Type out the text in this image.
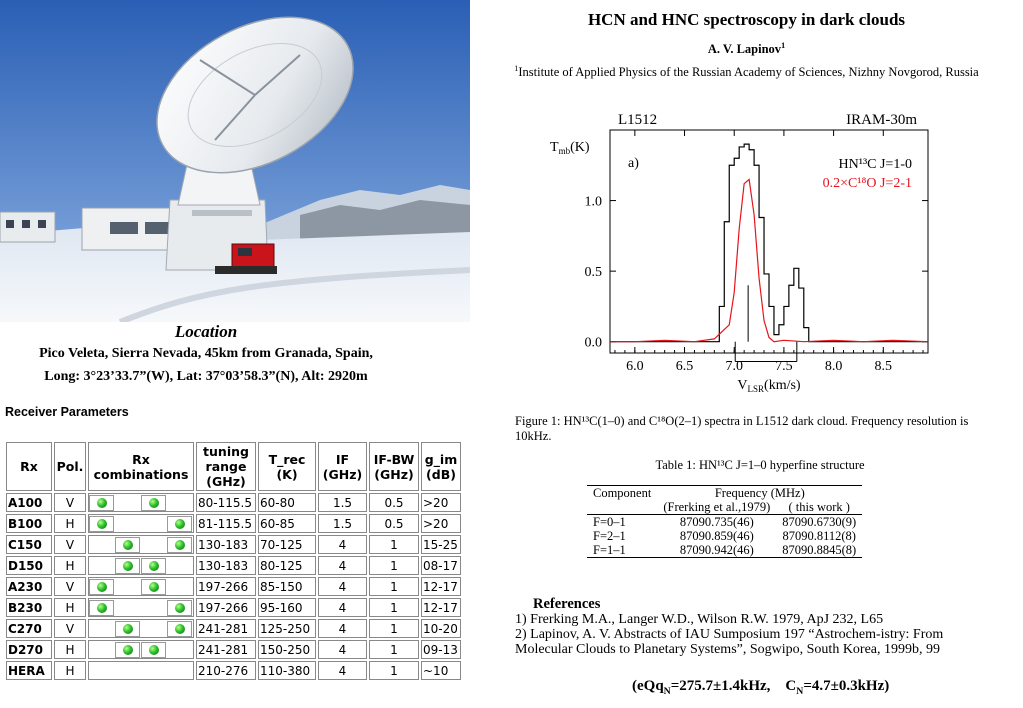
Location
Pico Veleta, Sierra Nevada, 45km from Granada, Spain,
Long: 3°23’33.7”(W), Lat: 37°03’58.3”(N), Alt: 2920m
Receiver Parameters
Rx	Pol.	Rx combinations	tuning range (GHz)	T_rec (K)	IF (GHz)	IF-BW (GHz)	g_im (dB)
A100	V		80-115.5	60-80	1.5	0.5	>20
B100	H		81-115.5	60-85	1.5	0.5	>20
C150	V		130-183	70-125	4	1	15-25
D150	H		130-183	80-125	4	1	08-17
A230	V		197-266	85-150	4	1	12-17
B230	H		197-266	95-160	4	1	12-17
C270	V		241-281	125-250	4	1	10-20
D270	H		241-281	150-250	4	1	09-13
HERA	H		210-276	110-380	4	1	~10
HCN and HNC spectroscopy in dark clouds
A. V. Lapinov$^1$
$^1$Institute of Applied Physics of the Russian Academy of Sciences, Nizhny Novgorod, Russia
L1512	IRAM-30m
$T_{mb}(K)$
a)	HN¹³C J=1-0
0.2×C¹⁸O J=2-1
6.0 6.5 7.0 7.5 8.0 8.5
0.0
0.5
1.0
$V_{LSR}(km/s)$
Figure 1: HN¹³C(1–0) and C¹⁸O(2–1) spectra in L1512 dark cloud. Frequency resolution is 10kHz.
Table 1: HN¹³C J=1–0 hyperfine structure
Component	Frequency (MHz)	
	(Frerking et al.,1979)	( this work )
F=0–1	87090.735(46)	87090.6730(9)
F=2–1	87090.859(46)	87090.8112(8)
F=1–1	87090.942(46)	87090.8845(8)
References
1) Frerking M.A., Langer W.D., Wilson R.W. 1979, ApJ 232, L65
2) Lapinov, A. V. Abstracts of IAU Sumposium 197 “Astrochem-istry: From Molecular Clouds to Planetary Systems”, Sogwipo, South Korea, 1999b, 99
(eQq$_N$=275.7±1.4kHz, $C_N=4.7\pm 0.3kHz$)
